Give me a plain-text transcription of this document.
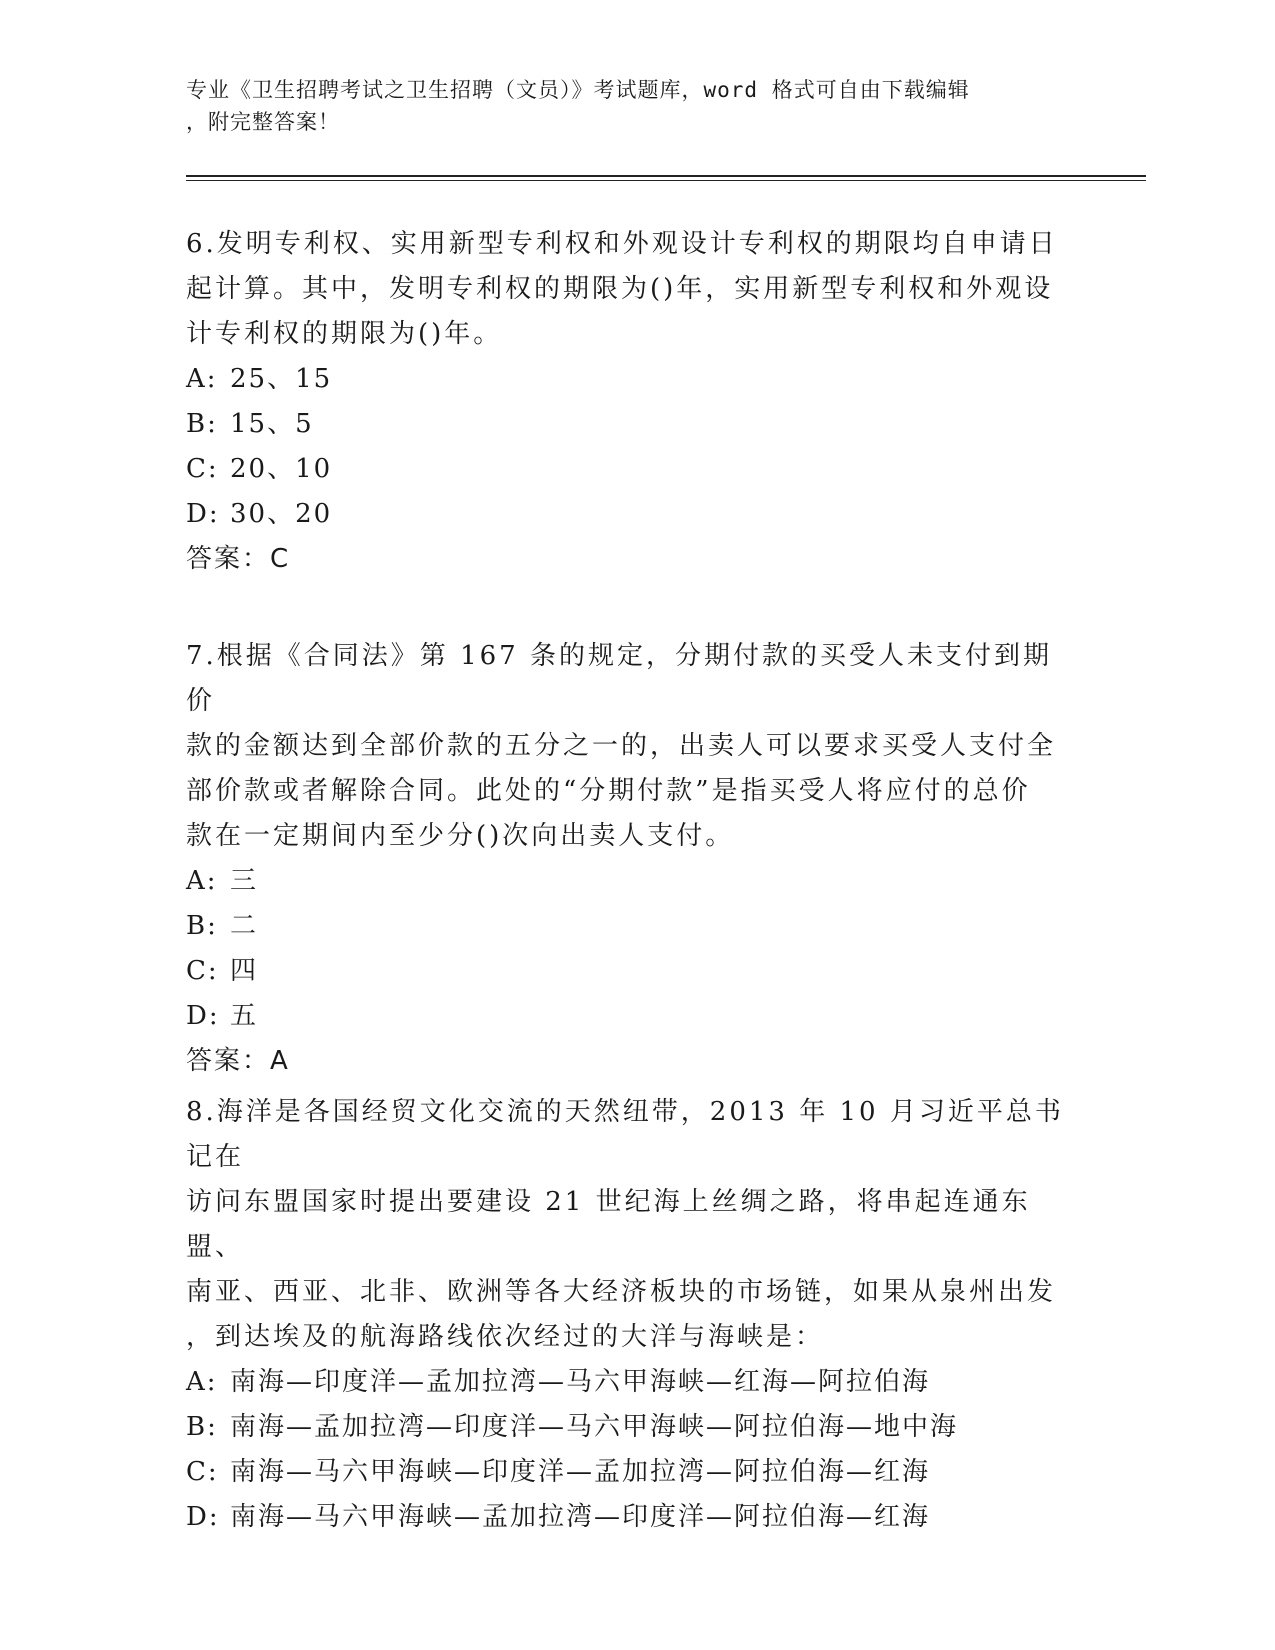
专业《卫生招聘考试之卫生招聘（文员）》考试题库，word 格式可自由下载编辑
，附完整答案！
6.发明专利权、实用新型专利权和外观设计专利权的期限均自申请日
起计算。其中，发明专利权的期限为()年，实用新型专利权和外观设
计专利权的期限为()年。
A: 25、15
B: 15、5
C: 20、10
D: 30、20
答案：C
7.根据《合同法》第 167 条的规定，分期付款的买受人未支付到期价
款的金额达到全部价款的五分之一的，出卖人可以要求买受人支付全
部价款或者解除合同。此处的“分期付款”是指买受人将应付的总价
款在一定期间内至少分()次向出卖人支付。
A: 三
B: 二
C: 四
D: 五
答案：A
8.海洋是各国经贸文化交流的天然纽带，2013 年 10 月习近平总书记在
访问东盟国家时提出要建设 21 世纪海上丝绸之路，将串起连通东盟、
南亚、西亚、北非、欧洲等各大经济板块的市场链，如果从泉州出发
，到达埃及的航海路线依次经过的大洋与海峡是：
A: 南海—印度洋—孟加拉湾—马六甲海峡—红海—阿拉伯海
B: 南海—孟加拉湾—印度洋—马六甲海峡—阿拉伯海—地中海
C: 南海—马六甲海峡—印度洋—孟加拉湾—阿拉伯海—红海
D: 南海—马六甲海峡—孟加拉湾—印度洋—阿拉伯海—红海
